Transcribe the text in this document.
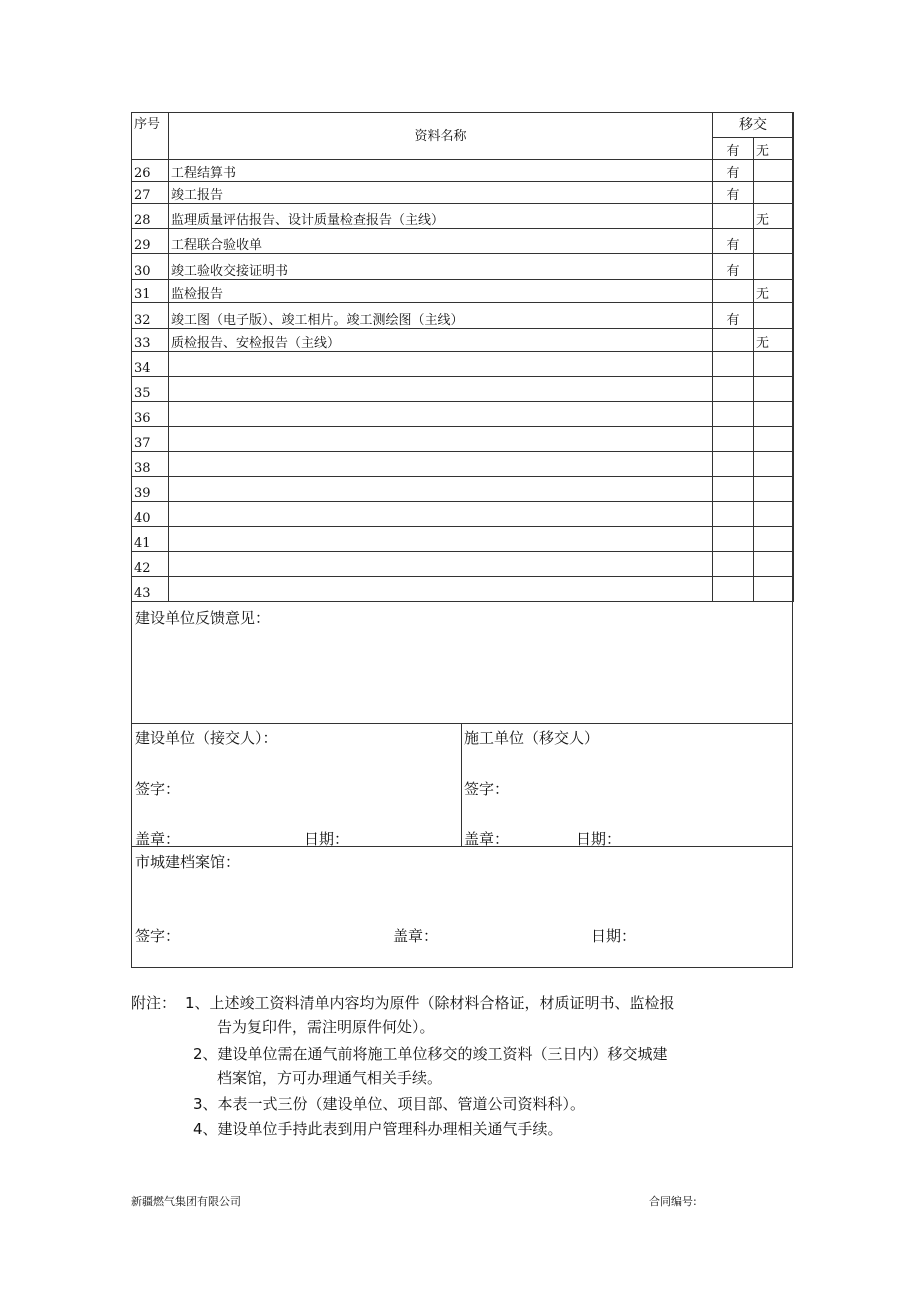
序号	资料名称	移交	
		有	无
26	工程结算书	有	
27	竣工报告	有	
28	监理质量评估报告、设计质量检查报告（主线）		无
29	工程联合验收单	有	
30	竣工验收交接证明书	有	
31	监检报告		无
32	竣工图（电子版）、竣工相片。竣工测绘图（主线）	有	
33	质检报告、安检报告（主线）		无
34			
35			
36			
37			
38			
39			
40			
41			
42			
43			
建设单位反馈意见：
建设单位（接交人）：
签字：
盖章：	日期：
施工单位（移交人）
签字：
盖章：	日期：
市城建档案馆：
签字：	盖章：	日期：
附注： 1、上述竣工资料清单内容均为原件（除材料合格证，材质证明书、监检报
告为复印件，需注明原件何处）。
2、建设单位需在通气前将施工单位移交的竣工资料（三日内）移交城建
档案馆，方可办理通气相关手续。
3、本表一式三份（建设单位、项目部、管道公司资料科）。
4、建设单位手持此表到用户管理科办理相关通气手续。
新疆燃气集团有限公司	合同编号:
